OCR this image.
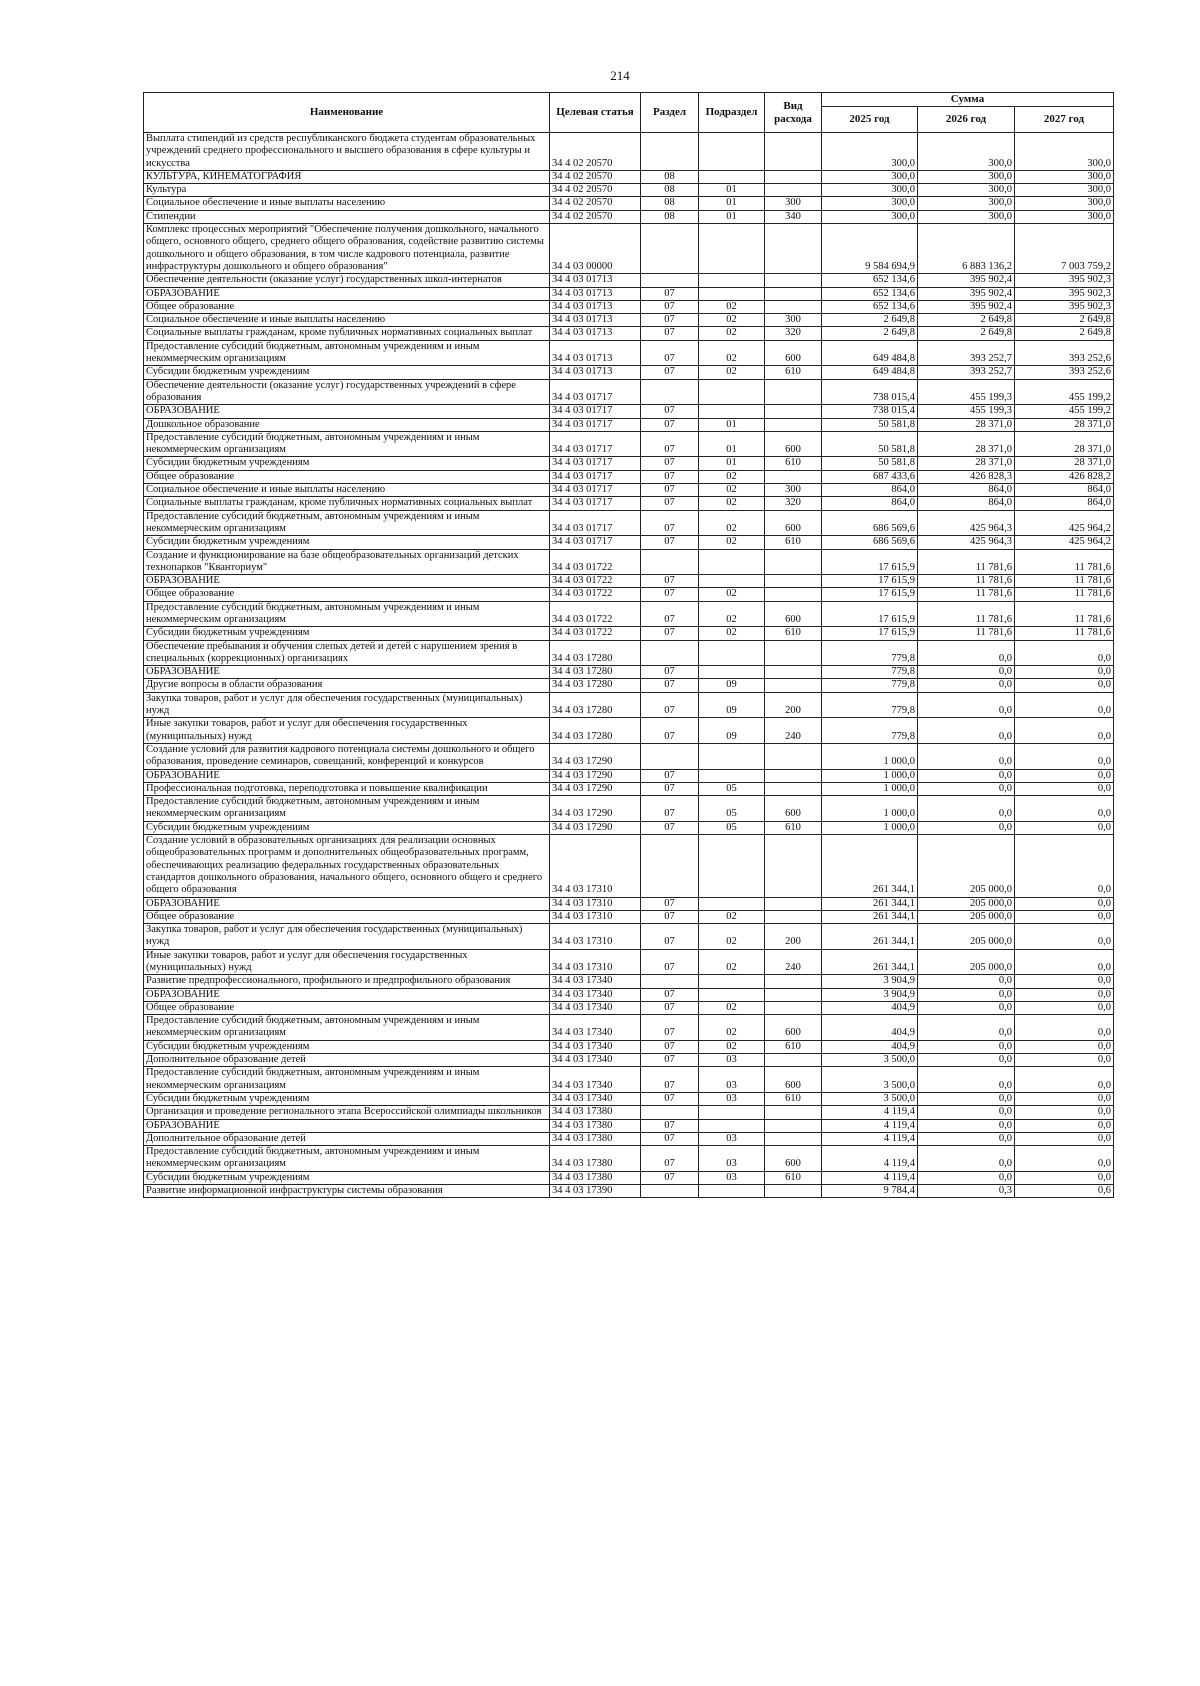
214
Наименование	Целевая статья	Раздел	Подраздел	Вид расхода	Сумма		
					2025 год	2026 год	2027 год
Выплата стипендий из средств республиканского бюджета студентам образовательных учреждений среднего профессионального и высшего образования в сфере культуры и искусства	34 4 02 20570				300,0	300,0	300,0
КУЛЬТУРА, КИНЕМАТОГРАФИЯ	34 4 02 20570	08			300,0	300,0	300,0
Культура	34 4 02 20570	08	01		300,0	300,0	300,0
Социальное обеспечение и иные выплаты населению	34 4 02 20570	08	01	300	300,0	300,0	300,0
Стипендии	34 4 02 20570	08	01	340	300,0	300,0	300,0
Комплекс процессных мероприятий "Обеспечение получения дошкольного, начального общего, основного общего, среднего общего образования, содействие развитию системы дошкольного и общего образования, в том числе кадрового потенциала, развитие инфраструктуры дошкольного и общего образования"	34 4 03 00000				9 584 694,9	6 883 136,2	7 003 759,2
Обеспечение деятельности (оказание услуг) государственных школ-интернатов	34 4 03 01713				652 134,6	395 902,4	395 902,3
ОБРАЗОВАНИЕ	34 4 03 01713	07			652 134,6	395 902,4	395 902,3
Общее образование	34 4 03 01713	07	02		652 134,6	395 902,4	395 902,3
Социальное обеспечение и иные выплаты населению	34 4 03 01713	07	02	300	2 649,8	2 649,8	2 649,8
Социальные выплаты гражданам, кроме публичных нормативных социальных выплат	34 4 03 01713	07	02	320	2 649,8	2 649,8	2 649,8
Предоставление субсидий бюджетным, автономным учреждениям и иным некоммерческим организациям	34 4 03 01713	07	02	600	649 484,8	393 252,7	393 252,6
Субсидии бюджетным учреждениям	34 4 03 01713	07	02	610	649 484,8	393 252,7	393 252,6
Обеспечение деятельности (оказание услуг) государственных учреждений в сфере образования	34 4 03 01717				738 015,4	455 199,3	455 199,2
ОБРАЗОВАНИЕ	34 4 03 01717	07			738 015,4	455 199,3	455 199,2
Дошкольное образование	34 4 03 01717	07	01		50 581,8	28 371,0	28 371,0
Предоставление субсидий бюджетным, автономным учреждениям и иным некоммерческим организациям	34 4 03 01717	07	01	600	50 581,8	28 371,0	28 371,0
Субсидии бюджетным учреждениям	34 4 03 01717	07	01	610	50 581,8	28 371,0	28 371,0
Общее образование	34 4 03 01717	07	02		687 433,6	426 828,3	426 828,2
Социальное обеспечение и иные выплаты населению	34 4 03 01717	07	02	300	864,0	864,0	864,0
Социальные выплаты гражданам, кроме публичных нормативных социальных выплат	34 4 03 01717	07	02	320	864,0	864,0	864,0
Предоставление субсидий бюджетным, автономным учреждениям и иным некоммерческим организациям	34 4 03 01717	07	02	600	686 569,6	425 964,3	425 964,2
Субсидии бюджетным учреждениям	34 4 03 01717	07	02	610	686 569,6	425 964,3	425 964,2
Создание и функционирование на базе общеобразовательных организаций детских технопарков "Кванториум"	34 4 03 01722				17 615,9	11 781,6	11 781,6
ОБРАЗОВАНИЕ	34 4 03 01722	07			17 615,9	11 781,6	11 781,6
Общее образование	34 4 03 01722	07	02		17 615,9	11 781,6	11 781,6
Предоставление субсидий бюджетным, автономным учреждениям и иным некоммерческим организациям	34 4 03 01722	07	02	600	17 615,9	11 781,6	11 781,6
Субсидии бюджетным учреждениям	34 4 03 01722	07	02	610	17 615,9	11 781,6	11 781,6
Обеспечение пребывания и обучения слепых детей и детей с нарушением зрения в специальных (коррекционных) организациях	34 4 03 17280				779,8	0,0	0,0
ОБРАЗОВАНИЕ	34 4 03 17280	07			779,8	0,0	0,0
Другие вопросы в области образования	34 4 03 17280	07	09		779,8	0,0	0,0
Закупка товаров, работ и услуг для обеспечения государственных (муниципальных) нужд	34 4 03 17280	07	09	200	779,8	0,0	0,0
Иные закупки товаров, работ и услуг для обеспечения государственных (муниципальных) нужд	34 4 03 17280	07	09	240	779,8	0,0	0,0
Создание условий для развития кадрового потенциала системы дошкольного и общего образования, проведение семинаров, совещаний, конференций и конкурсов	34 4 03 17290				1 000,0	0,0	0,0
ОБРАЗОВАНИЕ	34 4 03 17290	07			1 000,0	0,0	0,0
Профессиональная подготовка, переподготовка и повышение квалификации	34 4 03 17290	07	05		1 000,0	0,0	0,0
Предоставление субсидий бюджетным, автономным учреждениям и иным некоммерческим организациям	34 4 03 17290	07	05	600	1 000,0	0,0	0,0
Субсидии бюджетным учреждениям	34 4 03 17290	07	05	610	1 000,0	0,0	0,0
Создание условий в образовательных организациях для реализации основных общеобразовательных программ и дополнительных общеобразовательных программ, обеспечивающих реализацию федеральных государственных образовательных стандартов дошкольного образования, начального общего, основного общего и среднего общего образования	34 4 03 17310				261 344,1	205 000,0	0,0
ОБРАЗОВАНИЕ	34 4 03 17310	07			261 344,1	205 000,0	0,0
Общее образование	34 4 03 17310	07	02		261 344,1	205 000,0	0,0
Закупка товаров, работ и услуг для обеспечения государственных (муниципальных) нужд	34 4 03 17310	07	02	200	261 344,1	205 000,0	0,0
Иные закупки товаров, работ и услуг для обеспечения государственных (муниципальных) нужд	34 4 03 17310	07	02	240	261 344,1	205 000,0	0,0
Развитие предпрофессионального, профильного и предпрофильного образования	34 4 03 17340				3 904,9	0,0	0,0
ОБРАЗОВАНИЕ	34 4 03 17340	07			3 904,9	0,0	0,0
Общее образование	34 4 03 17340	07	02		404,9	0,0	0,0
Предоставление субсидий бюджетным, автономным учреждениям и иным некоммерческим организациям	34 4 03 17340	07	02	600	404,9	0,0	0,0
Субсидии бюджетным учреждениям	34 4 03 17340	07	02	610	404,9	0,0	0,0
Дополнительное образование детей	34 4 03 17340	07	03		3 500,0	0,0	0,0
Предоставление субсидий бюджетным, автономным учреждениям и иным некоммерческим организациям	34 4 03 17340	07	03	600	3 500,0	0,0	0,0
Субсидии бюджетным учреждениям	34 4 03 17340	07	03	610	3 500,0	0,0	0,0
Организация и проведение регионального этапа Всероссийской олимпиады школьников	34 4 03 17380				4 119,4	0,0	0,0
ОБРАЗОВАНИЕ	34 4 03 17380	07			4 119,4	0,0	0,0
Дополнительное образование детей	34 4 03 17380	07	03		4 119,4	0,0	0,0
Предоставление субсидий бюджетным, автономным учреждениям и иным некоммерческим организациям	34 4 03 17380	07	03	600	4 119,4	0,0	0,0
Субсидии бюджетным учреждениям	34 4 03 17380	07	03	610	4 119,4	0,0	0,0
Развитие информационной инфраструктуры системы образования	34 4 03 17390				9 784,4	0,3	0,6
